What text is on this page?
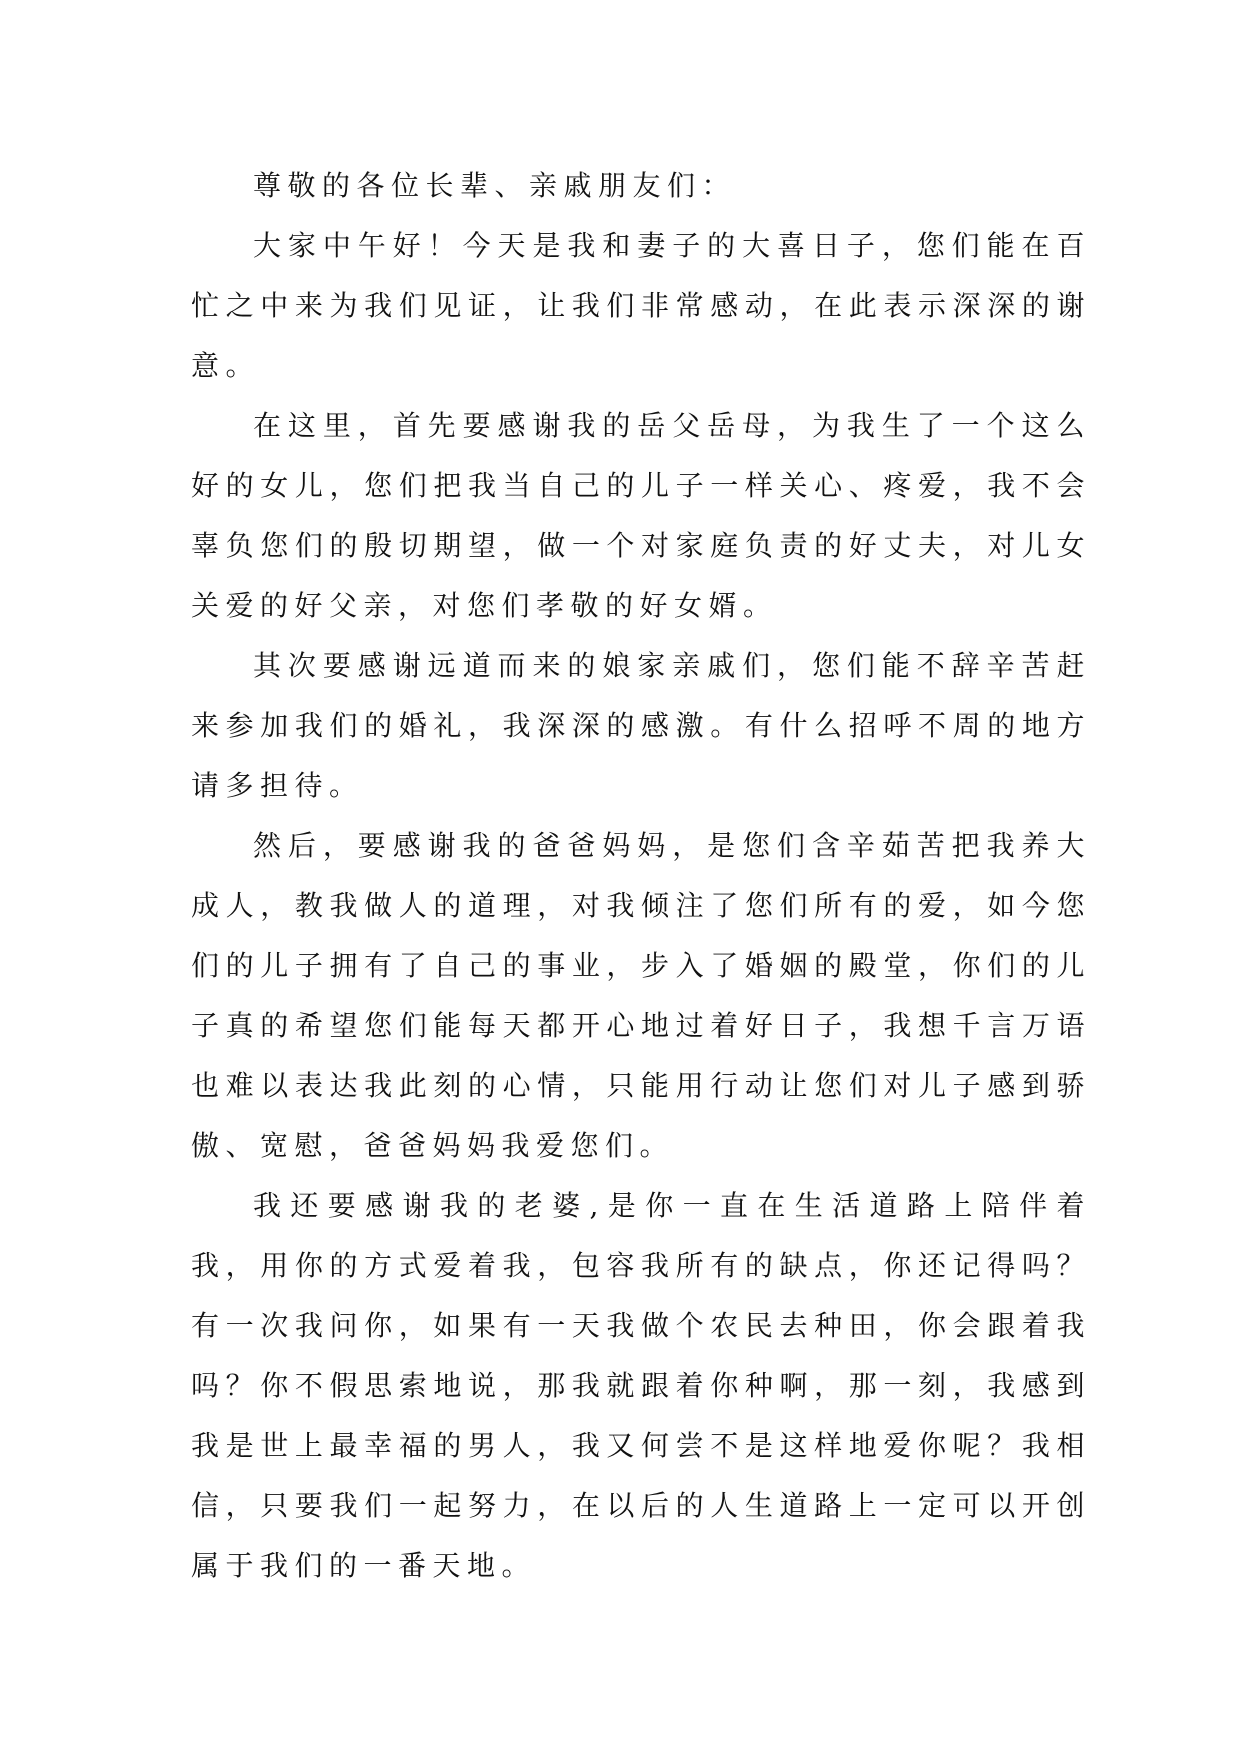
尊敬的各位长辈、亲戚朋友们：

大家中午好！今天是我和妻子的大喜日子，您们能在百忙之中来为我们见证，让我们非常感动，在此表示深深的谢意。

在这里，首先要感谢我的岳父岳母，为我生了一个这么好的女儿，您们把我当自己的儿子一样关心、疼爱，我不会辜负您们的殷切期望，做一个对家庭负责的好丈夫，对儿女关爱的好父亲，对您们孝敬的好女婿。

其次要感谢远道而来的娘家亲戚们，您们能不辞辛苦赶来参加我们的婚礼，我深深的感激。有什么招呼不周的地方请多担待。

然后，要感谢我的爸爸妈妈，是您们含辛茹苦把我养大成人，教我做人的道理，对我倾注了您们所有的爱，如今您们的儿子拥有了自己的事业，步入了婚姻的殿堂，你们的儿子真的希望您们能每天都开心地过着好日子，我想千言万语也难以表达我此刻的心情，只能用行动让您们对儿子感到骄傲、宽慰，爸爸妈妈我爱您们。

我还要感谢我的老婆,是你一直在生活道路上陪伴着我，用你的方式爱着我，包容我所有的缺点，你还记得吗？有一次我问你，如果有一天我做个农民去种田，你会跟着我吗？你不假思索地说，那我就跟着你种啊，那一刻，我感到我是世上最幸福的男人，我又何尝不是这样地爱你呢？我相信，只要我们一起努力，在以后的人生道路上一定可以开创属于我们的一番天地。
